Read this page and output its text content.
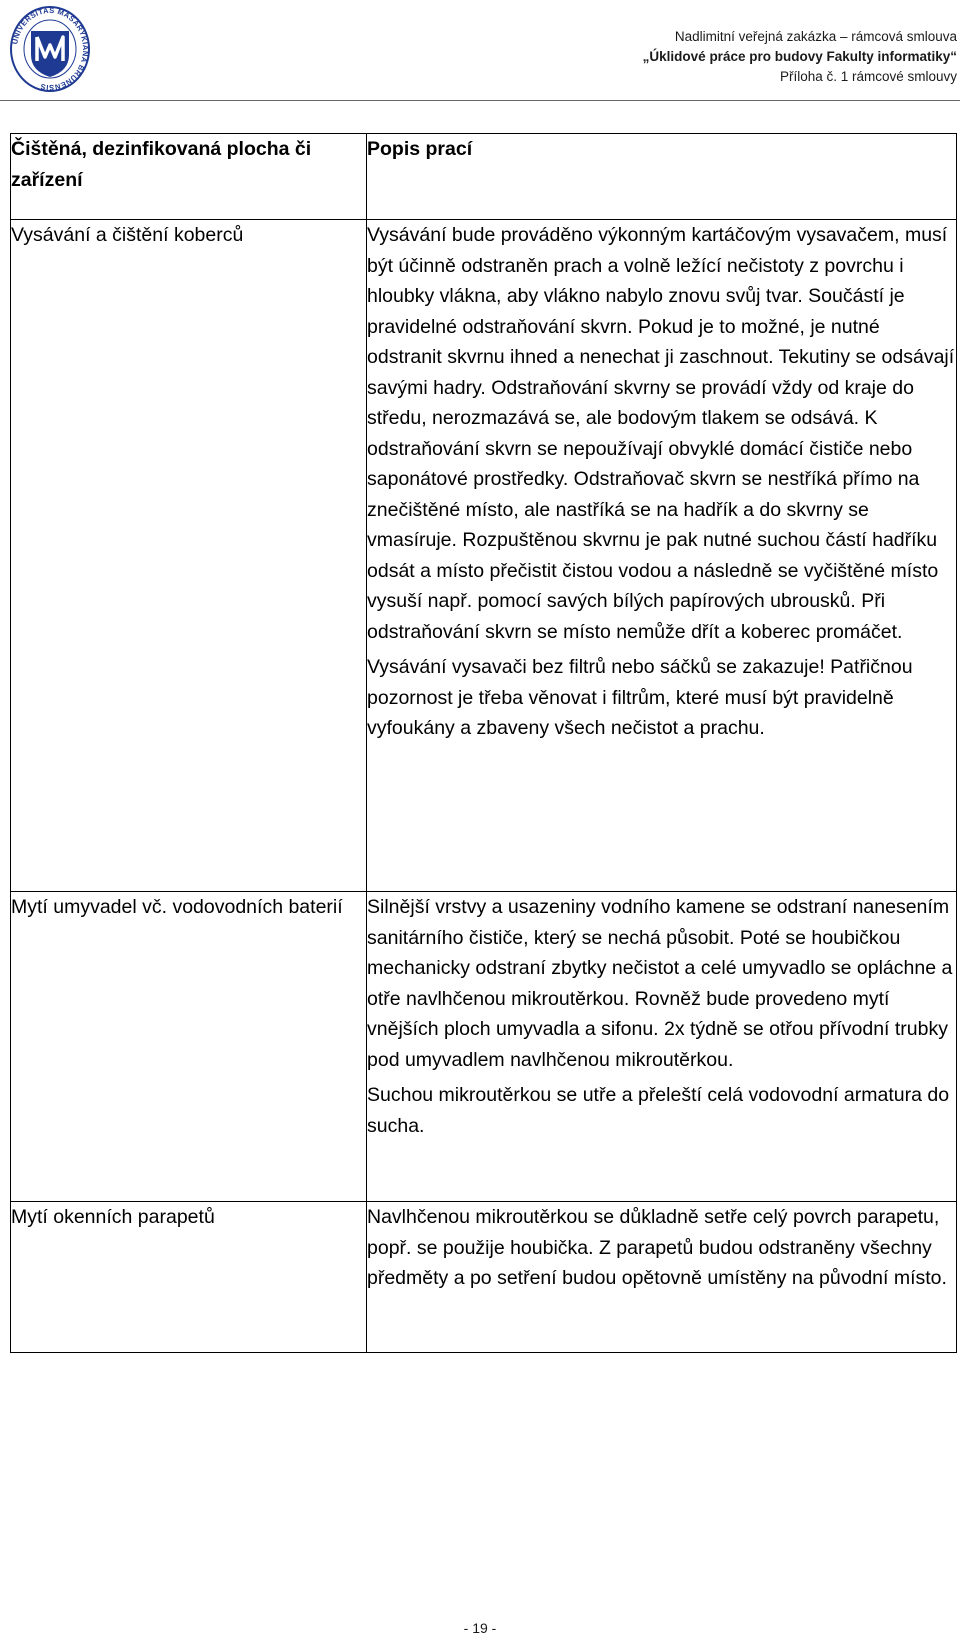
UNIVERSITAS MASARYKIANA BRUNENSIS
Nadlimitní veřejná zakázka – rámcová smlouva
„Úklidové práce pro budovy Fakulty informatiky“
Příloha č. 1 rámcové smlouvy
Čištěná, dezinfikovaná plocha či zařízení	Popis prací
Vysávání a čištění koberců	Vysávání bude prováděno výkonným kartáčovým vysavačem, musí být účinně odstraněn prach a volně ležící nečistoty z povrchu i hloubky vlákna, aby vlákno nabylo znovu svůj tvar. Součástí je pravidelné odstraňování skvrn. Pokud je to možné, je nutné odstranit skvrnu ihned a nenechat ji zaschnout. Tekutiny se odsávají savými hadry. Odstraňování skvrny se provádí vždy od kraje do středu, nerozmazává se, ale bodovým tlakem se odsává. K odstraňování skvrn se nepoužívají obvyklé domácí čističe nebo saponátové prostředky. Odstraňovač skvrn se nestříká přímo na znečištěné místo, ale nastříká se na hadřík a do skvrny se vmasíruje. Rozpuštěnou skvrnu je pak nutné suchou částí hadříku odsát a místo přečistit čistou vodou a následně se vyčištěné místo vysuší např. pomocí savých bílých papírových ubrousků. Při odstraňování skvrn se místo nemůže dřít a koberec promáčet.

Vysávání vysavači bez filtrů nebo sáčků se zakazuje! Patřičnou pozornost je třeba věnovat i filtrům, které musí být pravidelně vyfoukány a zbaveny všech nečistot a prachu.

Mytí umyvadel vč. vodovodních baterií	Silnější vrstvy a usazeniny vodního kamene se odstraní nanesením sanitárního čističe, který se nechá působit. Poté se houbičkou mechanicky odstraní zbytky nečistot a celé umyvadlo se opláchne a otře navlhčenou mikroutěrkou. Rovněž bude provedeno mytí vnějších ploch umyvadla a sifonu. 2x týdně se otřou přívodní trubky pod umyvadlem navlhčenou mikroutěrkou.

Suchou mikroutěrkou se utře a přeleští celá vodovodní armatura do sucha.

Mytí okenních parapetů	Navlhčenou mikroutěrkou se důkladně setře celý povrch parapetu, popř. se použije houbička. Z parapetů budou odstraněny všechny předměty a po setření budou opětovně umístěny na původní místo.

- 19 -
